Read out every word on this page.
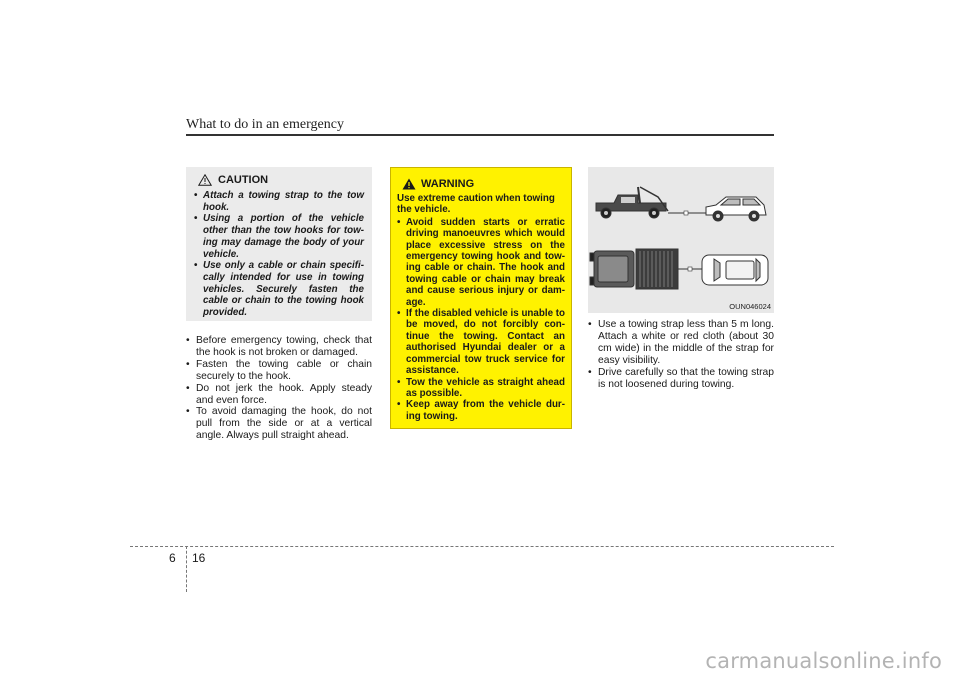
What to do in an emergency
CAUTION
• Attach a towing strap to the tow hook.
• Using a portion of the vehicle other than the tow hooks for tow-ing may damage the body of your vehicle.
• Use only a cable or chain specifi-cally intended for use in towing vehicles. Securely fasten the cable or chain to the towing hook provided.
• Before emergency towing, check that the hook is not broken or damaged.
• Fasten the towing cable or chain securely to the hook.
• Do not jerk the hook. Apply steady and even force.
• To avoid damaging the hook, do not pull from the side or at a vertical angle. Always pull straight ahead.
WARNING
Use extreme caution when towing the vehicle.
• Avoid sudden starts or erratic driving manoeuvres which would place excessive stress on the emergency towing hook and tow-ing cable or chain. The hook and towing cable or chain may break and cause serious injury or dam-age.
• If the disabled vehicle is unable to be moved, do not forcibly con-tinue the towing. Contact an authorised Hyundai dealer or a commercial tow truck service for assistance.
• Tow the vehicle as straight ahead as possible.
• Keep away from the vehicle dur-ing towing.
OUN046024
• Use a towing strap less than 5 m long. Attach a white or red cloth (about 30 cm wide) in the middle of the strap for easy visibility.
• Drive carefully so that the towing strap is not loosened during towing.
6 16
carmanualsonline.info
